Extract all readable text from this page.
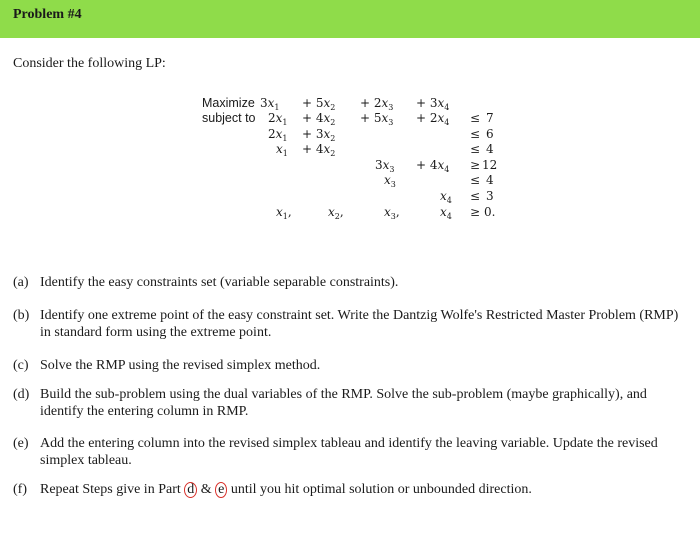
Problem #4
Consider the following LP:
Maximize $3x_1 + 5x_2 + 2x_3 + 3x_4$
subject to $2x_1 + 4x_2 + 5x_3 + 2x_4 \le 7$
$2x_1 + 3x_2$	≤ 6
$x_1 + 4x_2$	≤ 4
$3x_3 + 4x_4 \ge 12$
$x_3$	≤ 4
$x_4 \le 3$
$x_1$,	$x_2$,	$x_3$,	$x_4 \ge 0$.
(a) Identify the easy constraints set (variable separable constraints).
(b) Identify one extreme point of the easy constraint set. Write the Dantzig Wolfe's Restricted Master Problem (RMP) in standard form using the extreme point.
(c) Solve the RMP using the revised simplex method.
(d) Build the sub-problem using the dual variables of the RMP. Solve the sub-problem (maybe graphically), and identify the entering column in RMP.
(e) Add the entering column into the revised simplex tableau and identify the leaving variable. Update the revised simplex tableau.
(f) Repeat Steps give in Part d & e until you hit optimal solution or unbounded direction.
